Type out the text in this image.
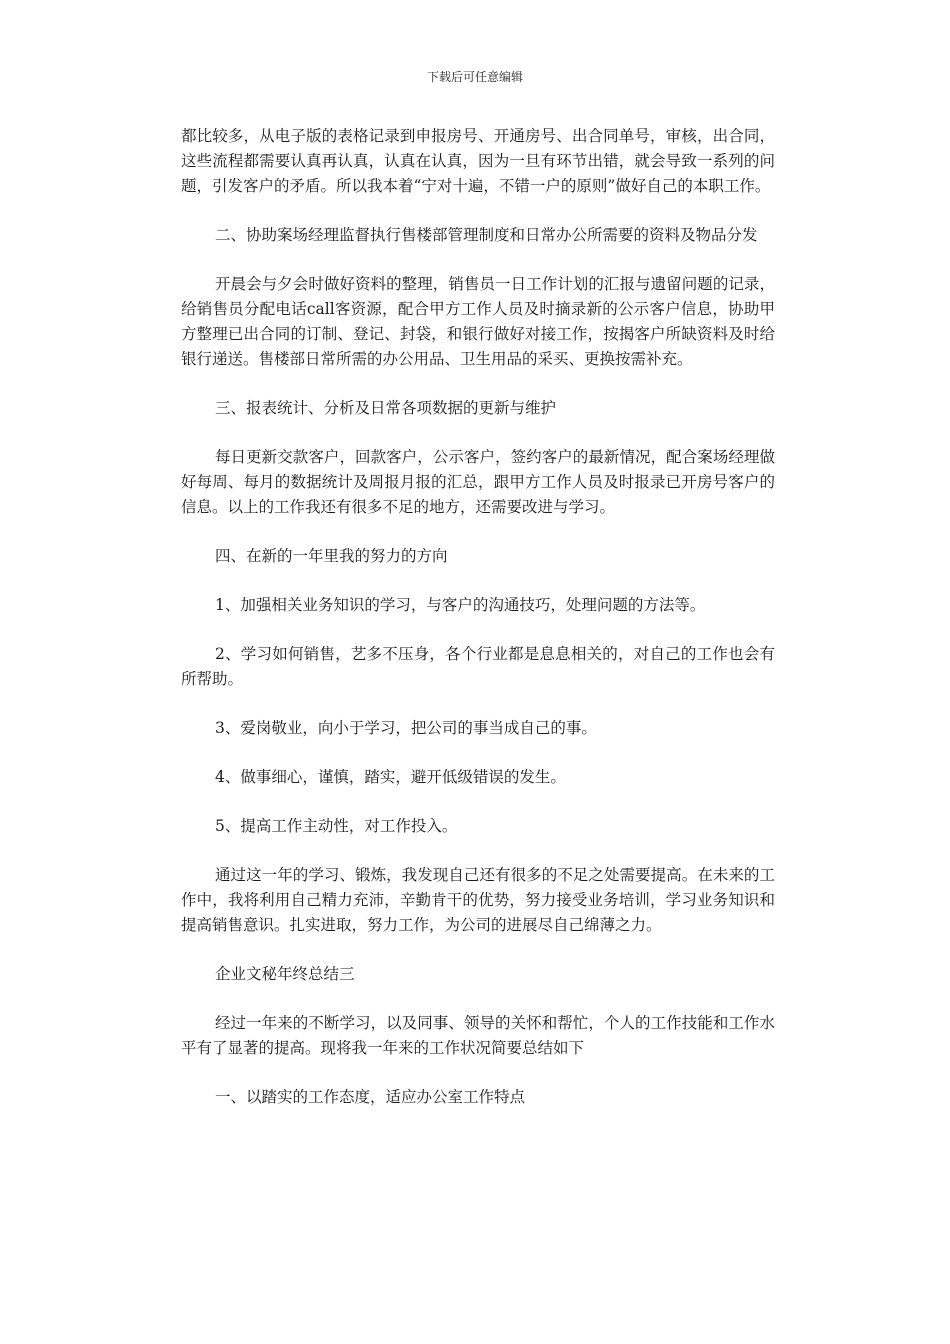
下载后可任意编辑

都比较多，从电子版的表格记录到申报房号、开通房号、出合同单号，审核，出合同，这些流程都需要认真再认真，认真在认真，因为一旦有环节出错，就会导致一系列的问题，引发客户的矛盾。所以我本着“宁对十遍，不错一户的原则”做好自己的本职工作。

二、协助案场经理监督执行售楼部管理制度和日常办公所需要的资料及物品分发

开晨会与夕会时做好资料的整理，销售员一日工作计划的汇报与遗留问题的记录，给销售员分配电话call客资源，配合甲方工作人员及时摘录新的公示客户信息，协助甲方整理已出合同的订制、登记、封袋，和银行做好对接工作，按揭客户所缺资料及时给银行递送。售楼部日常所需的办公用品、卫生用品的采买、更换按需补充。

三、报表统计、分析及日常各项数据的更新与维护

每日更新交款客户，回款客户，公示客户，签约客户的最新情况，配合案场经理做好每周、每月的数据统计及周报月报的汇总，跟甲方工作人员及时报录已开房号客户的信息。以上的工作我还有很多不足的地方，还需要改进与学习。

四、在新的一年里我的努力的方向

1、加强相关业务知识的学习，与客户的沟通技巧，处理问题的方法等。

2、学习如何销售，艺多不压身，各个行业都是息息相关的，对自己的工作也会有所帮助。

3、爱岗敬业，向小于学习，把公司的事当成自己的事。

4、做事细心，谨慎，踏实，避开低级错误的发生。

5、提高工作主动性，对工作投入。

通过这一年的学习、锻炼，我发现自己还有很多的不足之处需要提高。在未来的工作中，我将利用自己精力充沛，辛勤肯干的优势，努力接受业务培训，学习业务知识和提高销售意识。扎实进取，努力工作，为公司的进展尽自己绵薄之力。

企业文秘年终总结三

经过一年来的不断学习，以及同事、领导的关怀和帮忙，个人的工作技能和工作水平有了显著的提高。现将我一年来的工作状况简要总结如下

一、以踏实的工作态度，适应办公室工作特点
